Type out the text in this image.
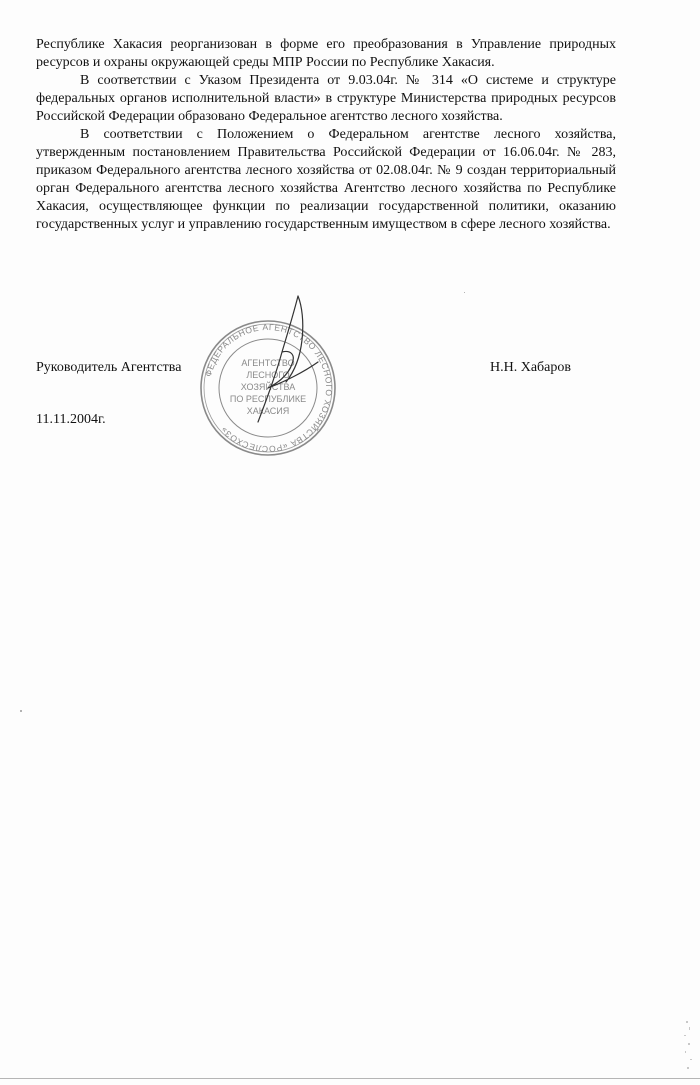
Республике Хакасия реорганизован в форме его преобразования в Управление природных ресурсов и охраны окружающей среды МПР России по Республике Хакасия.

В соответствии с Указом Президента от 9.03.04г. № 314 «О системе и структуре федеральных органов исполнительной власти» в структуре Министерства природных ресурсов Российской Федерации образовано Федеральное агентство лесного хозяйства.

В соответствии с Положением о Федеральном агентстве лесного хозяйства, утвержденным постановлением Правительства Российской Федерации от 16.06.04г. № 283, приказом Федерального агентства лесного хозяйства от 02.08.04г. № 9 создан территориальный орган Федерального агентства лесного хозяйства Агентство лесного хозяйства по Республике Хакасия, осуществляющее функции по реализации государственной политики, оказанию государственных услуг и управлению государственным имуществом в сфере лесного хозяйства.

ФЕДЕРАЛЬНОЕ АГЕНТСТВО ЛЕСНОГО ХОЗЯЙСТВА «РОСЛЕСХОЗ»
АГЕНТСТВО
ЛЕСНОГО
ХОЗЯЙСТВА
ПО РЕСПУБЛИКЕ
ХАКАСИЯ
Руководитель Агентства	Н.Н. Хабаров
11.11.2004г.
